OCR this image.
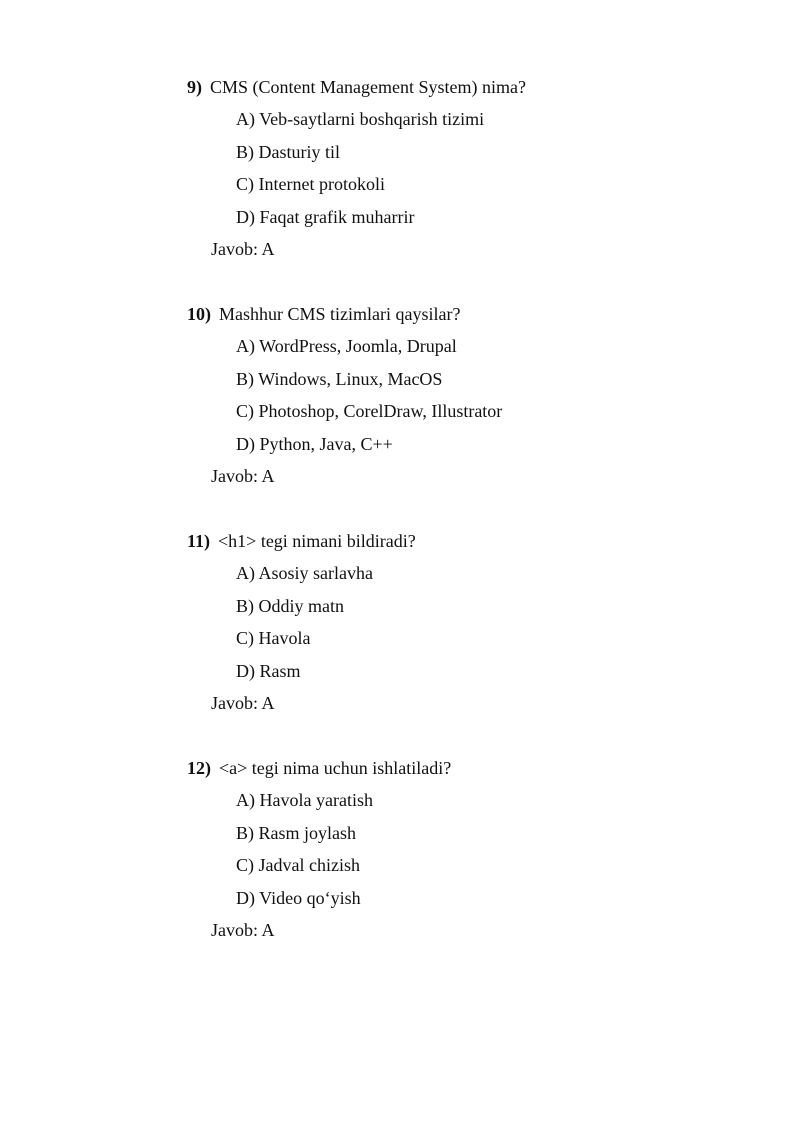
9) CMS (Content Management System) nima?
A) Veb-saytlarni boshqarish tizimi
B) Dasturiy til
C) Internet protokoli
D) Faqat grafik muharrir
Javob: A
10) Mashhur CMS tizimlari qaysilar?
A) WordPress, Joomla, Drupal
B) Windows, Linux, MacOS
C) Photoshop, CorelDraw, Illustrator
D) Python, Java, C++
Javob: A
11) <h1> tegi nimani bildiradi?
A) Asosiy sarlavha
B) Oddiy matn
C) Havola
D) Rasm
Javob: A
12) <a> tegi nima uchun ishlatiladi?
A) Havola yaratish
B) Rasm joylash
C) Jadval chizish
D) Video qo‘yish
Javob: A
